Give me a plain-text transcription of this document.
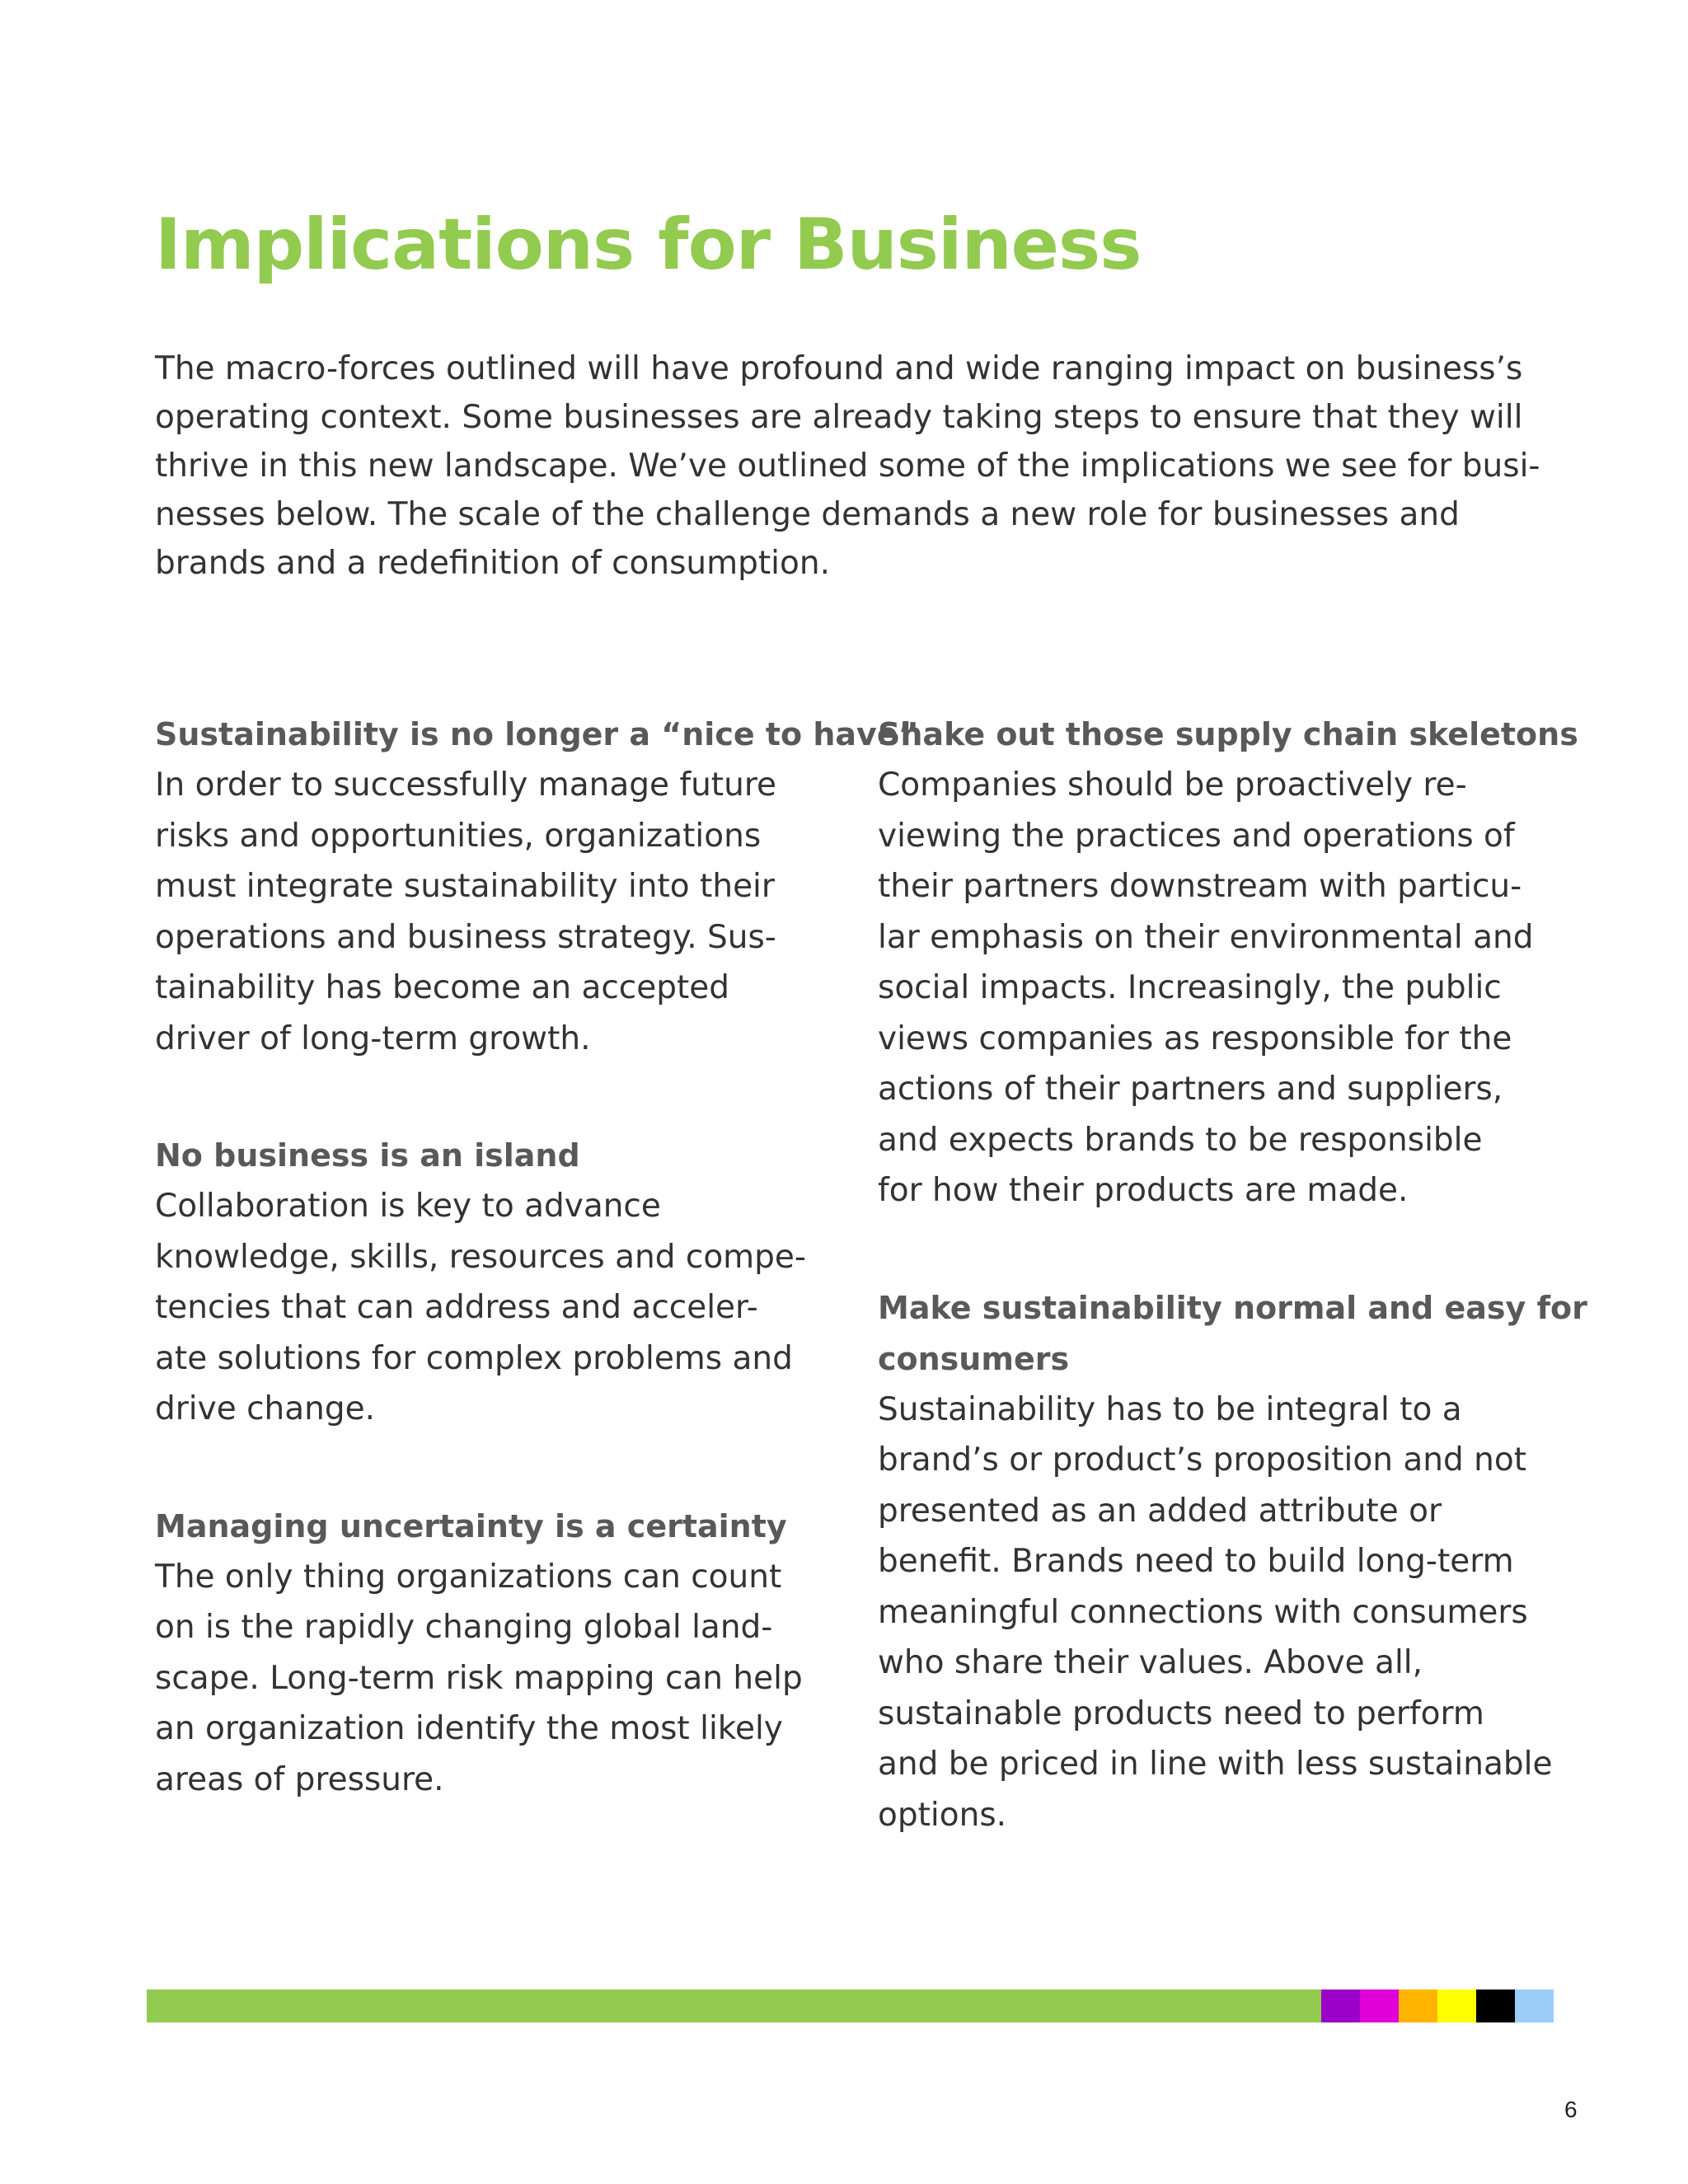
Implications for Business
The macro-forces outlined will have profound and wide ranging impact on business’s
operating context. Some businesses are already taking steps to ensure that they will
thrive in this new landscape. We’ve outlined some of the implications we see for busi-
nesses below. The scale of the challenge demands a new role for businesses and
brands and a redefinition of consumption.
Sustainability is no longer a “nice to have”
In order to successfully manage future
risks and opportunities, organizations
must integrate sustainability into their
operations and business strategy. Sus-
tainability has become an accepted
driver of long-term growth.
No business is an island
Collaboration is key to advance
knowledge, skills, resources and compe-
tencies that can address and acceler-
ate solutions for complex problems and
drive change.
Managing uncertainty is a certainty
The only thing organizations can count
on is the rapidly changing global land-
scape. Long-term risk mapping can help
an organization identify the most likely
areas of pressure.
Shake out those supply chain skeletons
Companies should be proactively re-
viewing the practices and operations of
their partners downstream with particu-
lar emphasis on their environmental and
social impacts. Increasingly, the public
views companies as responsible for the
actions of their partners and suppliers,
and expects brands to be responsible
for how their products are made.
Make sustainability normal and easy for
consumers
Sustainability has to be integral to a
brand’s or product’s proposition and not
presented as an added attribute or
benefit. Brands need to build long-term
meaningful connections with consumers
who share their values. Above all,
sustainable products need to perform
and be priced in line with less sustainable
options.
6
